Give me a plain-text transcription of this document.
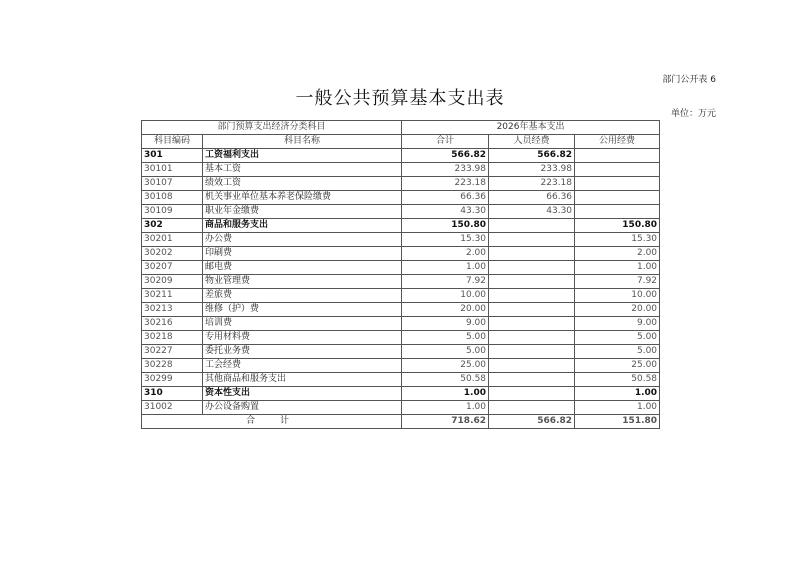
部门公开表 6
一般公共预算基本支出表
单位：万元
部门预算支出经济分类科目		2026年基本支出		
科目编码	科目名称	合计	人员经费	公用经费
301	工资福利支出	566.82	566.82	
30101	基本工资	233.98	233.98	
30107	绩效工资	223.18	223.18	
30108	机关事业单位基本养老保险缴费	66.36	66.36	
30109	职业年金缴费	43.30	43.30	
302	商品和服务支出	150.80		150.80
30201	办公费	15.30		15.30
30202	印刷费	2.00		2.00
30207	邮电费	1.00		1.00
30209	物业管理费	7.92		7.92
30211	差旅费	10.00		10.00
30213	维修（护）费	20.00		20.00
30216	培训费	9.00		9.00
30218	专用材料费	5.00		5.00
30227	委托业务费	5.00		5.00
30228	工会经费	25.00		25.00
30299	其他商品和服务支出	50.58		50.58
310	资本性支出	1.00		1.00
31002	办公设备购置	1.00		1.00
合　计		718.62	566.82	151.80
